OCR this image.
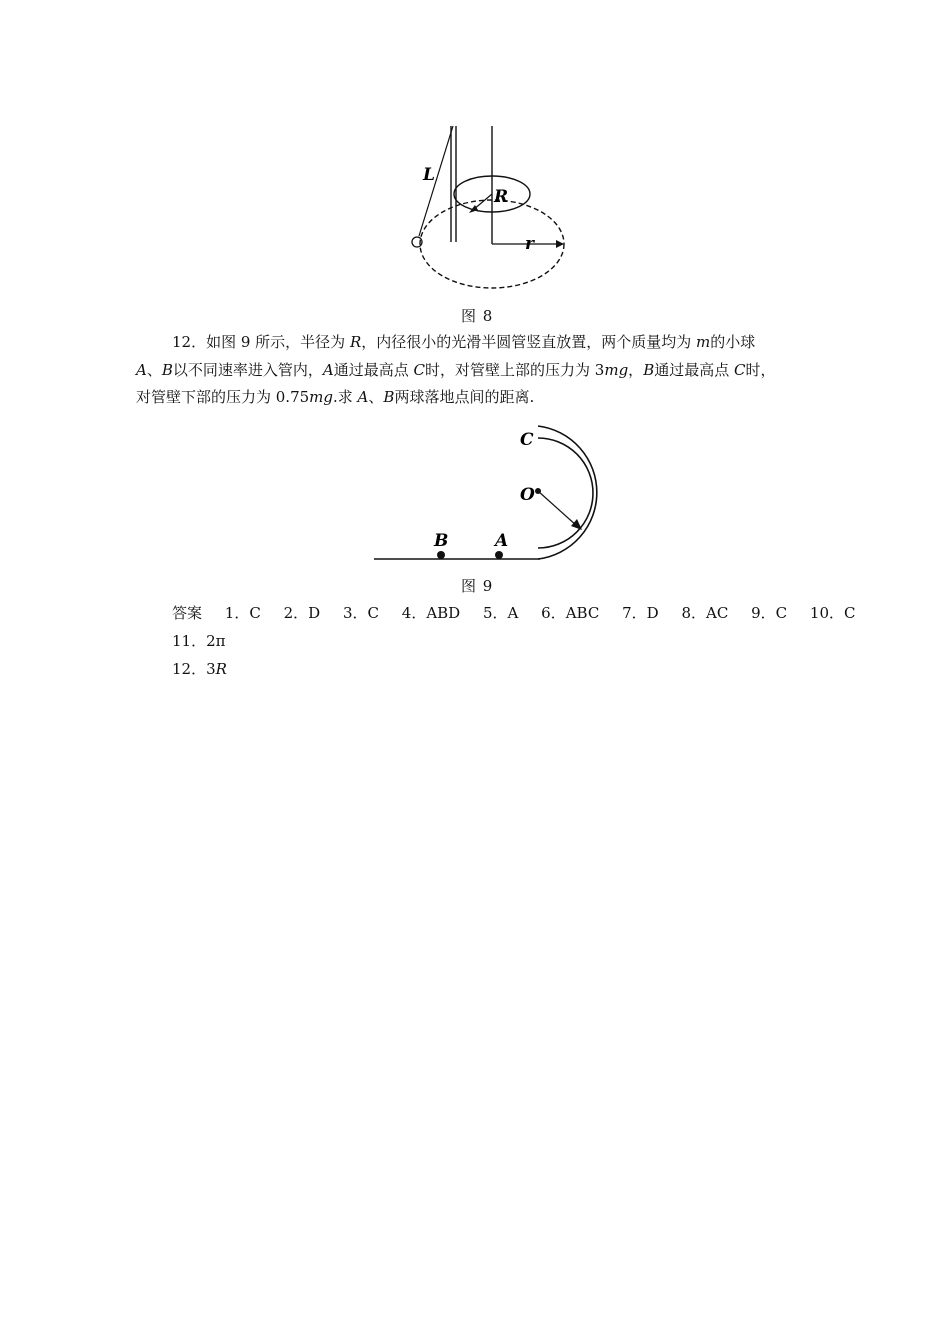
L
R
r
图 8
12．如图 9 所示，半径为 R，内径很小的光滑半圆管竖直放置，两个质量均为 m的小球
A、B以不同速率进入管内，A通过最高点 C时，对管壁上部的压力为 3mg，B通过最高点 C时，
对管壁下部的压力为 0.75mg.求 A、B两球落地点间的距离.
C
O
B	A
图 9
答案 1．C 2．D 3．C 4．ABD 5．A 6．ABC 7．D 8．AC 9．C 10．C
11．2π
12．3R
